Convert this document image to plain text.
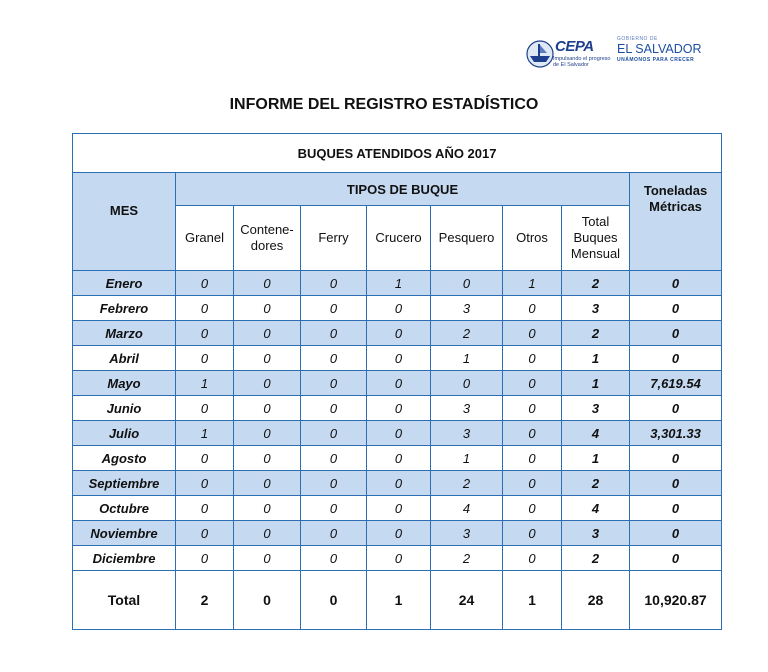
CEPA
Impulsando el progreso de El Salvador
GOBIERNO DE
EL SALVADOR
UNÁMONOS PARA CRECER
INFORME DEL REGISTRO ESTADÍSTICO
BUQUES ATENDIDOS AÑO 2017								
MES	TIPOS DE BUQUE							Toneladas Métricas
	Granel	Contene-dores	Ferry	Crucero	Pesquero	Otros	Total Buques Mensual	
Enero	0	0	0	1	0	1	2	0
Febrero	0	0	0	0	3	0	3	0
Marzo	0	0	0	0	2	0	2	0
Abril	0	0	0	0	1	0	1	0
Mayo	1	0	0	0	0	0	1	7,619.54
Junio	0	0	0	0	3	0	3	0
Julio	1	0	0	0	3	0	4	3,301.33
Agosto	0	0	0	0	1	0	1	0
Septiembre	0	0	0	0	2	0	2	0
Octubre	0	0	0	0	4	0	4	0
Noviembre	0	0	0	0	3	0	3	0
Diciembre	0	0	0	0	2	0	2	0
Total	2	0	0	1	24	1	28	10,920.87
